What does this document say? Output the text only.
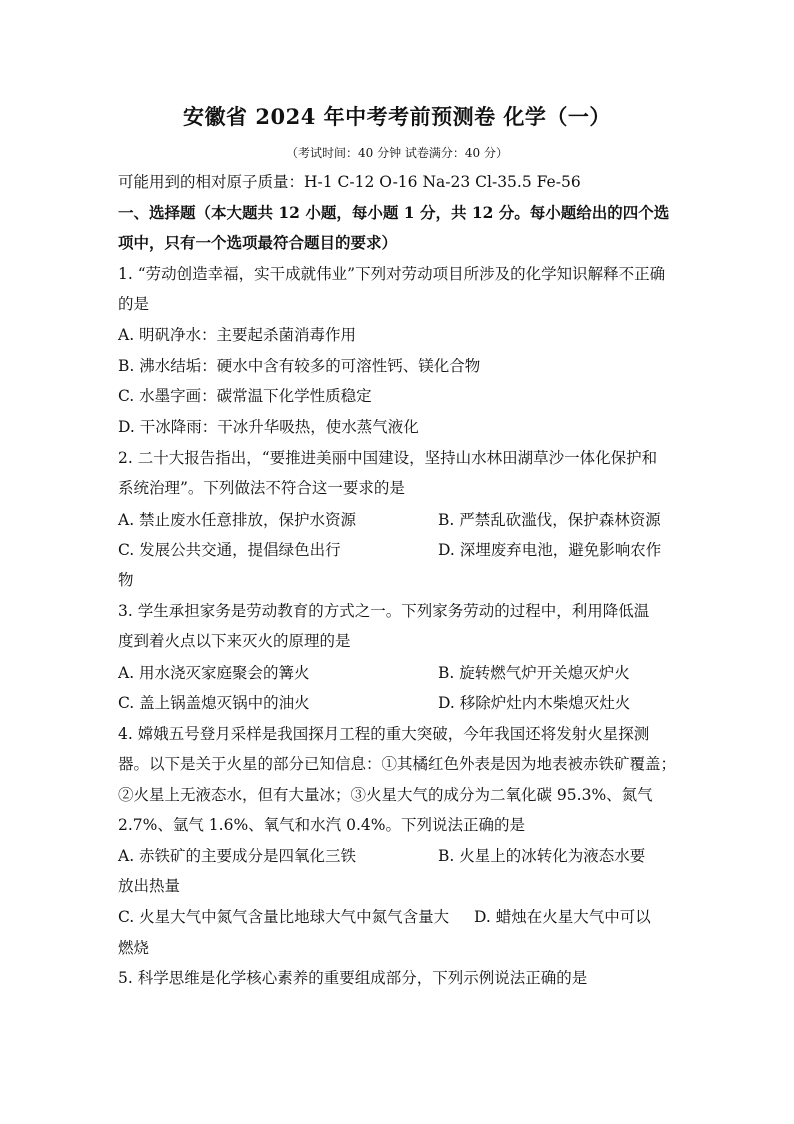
安徽省 2024 年中考考前预测卷 化学（一）
（考试时间：40 分钟 试卷满分：40 分）
可能用到的相对原子质量：H-1 C-12 O-16 Na-23 Cl-35.5 Fe-56
一、选择题（本大题共 12 小题，每小题 1 分，共 12 分。每小题给出的四个选
项中，只有一个选项最符合题目的要求）
1. “劳动创造幸福，实干成就伟业”下列对劳动项目所涉及的化学知识解释不正确
的是
A. 明矾净水：主要起杀菌消毒作用
B. 沸水结垢：硬水中含有较多的可溶性钙、镁化合物
C. 水墨字画：碳常温下化学性质稳定
D. 干冰降雨：干冰升华吸热，使水蒸气液化
2. 二十大报告指出，“要推进美丽中国建设，坚持山水林田湖草沙一体化保护和
系统治理”。下列做法不符合这一要求的是
A. 禁止废水任意排放，保护水资源	B. 严禁乱砍滥伐，保护森林资源
C. 发展公共交通，提倡绿色出行	D. 深埋废弃电池，避免影响农作
物
3. 学生承担家务是劳动教育的方式之一。下列家务劳动的过程中，利用降低温
度到着火点以下来灭火的原理的是
A. 用水浇灭家庭聚会的篝火	B. 旋转燃气炉开关熄灭炉火
C. 盖上锅盖熄灭锅中的油火	D. 移除炉灶内木柴熄灭灶火
4. 嫦娥五号登月采样是我国探月工程的重大突破，今年我国还将发射火星探测
器。以下是关于火星的部分已知信息：①其橘红色外表是因为地表被赤铁矿覆盖；
②火星上无液态水，但有大量冰；③火星大气的成分为二氧化碳 95.3%、氮气
2.7%、氩气 1.6%、氧气和水汽 0.4%。下列说法正确的是
A. 赤铁矿的主要成分是四氧化三铁	B. 火星上的冰转化为液态水要
放出热量
C. 火星大气中氮气含量比地球大气中氮气含量大 D. 蜡烛在火星大气中可以
燃烧
5. 科学思维是化学核心素养的重要组成部分，下列示例说法正确的是
